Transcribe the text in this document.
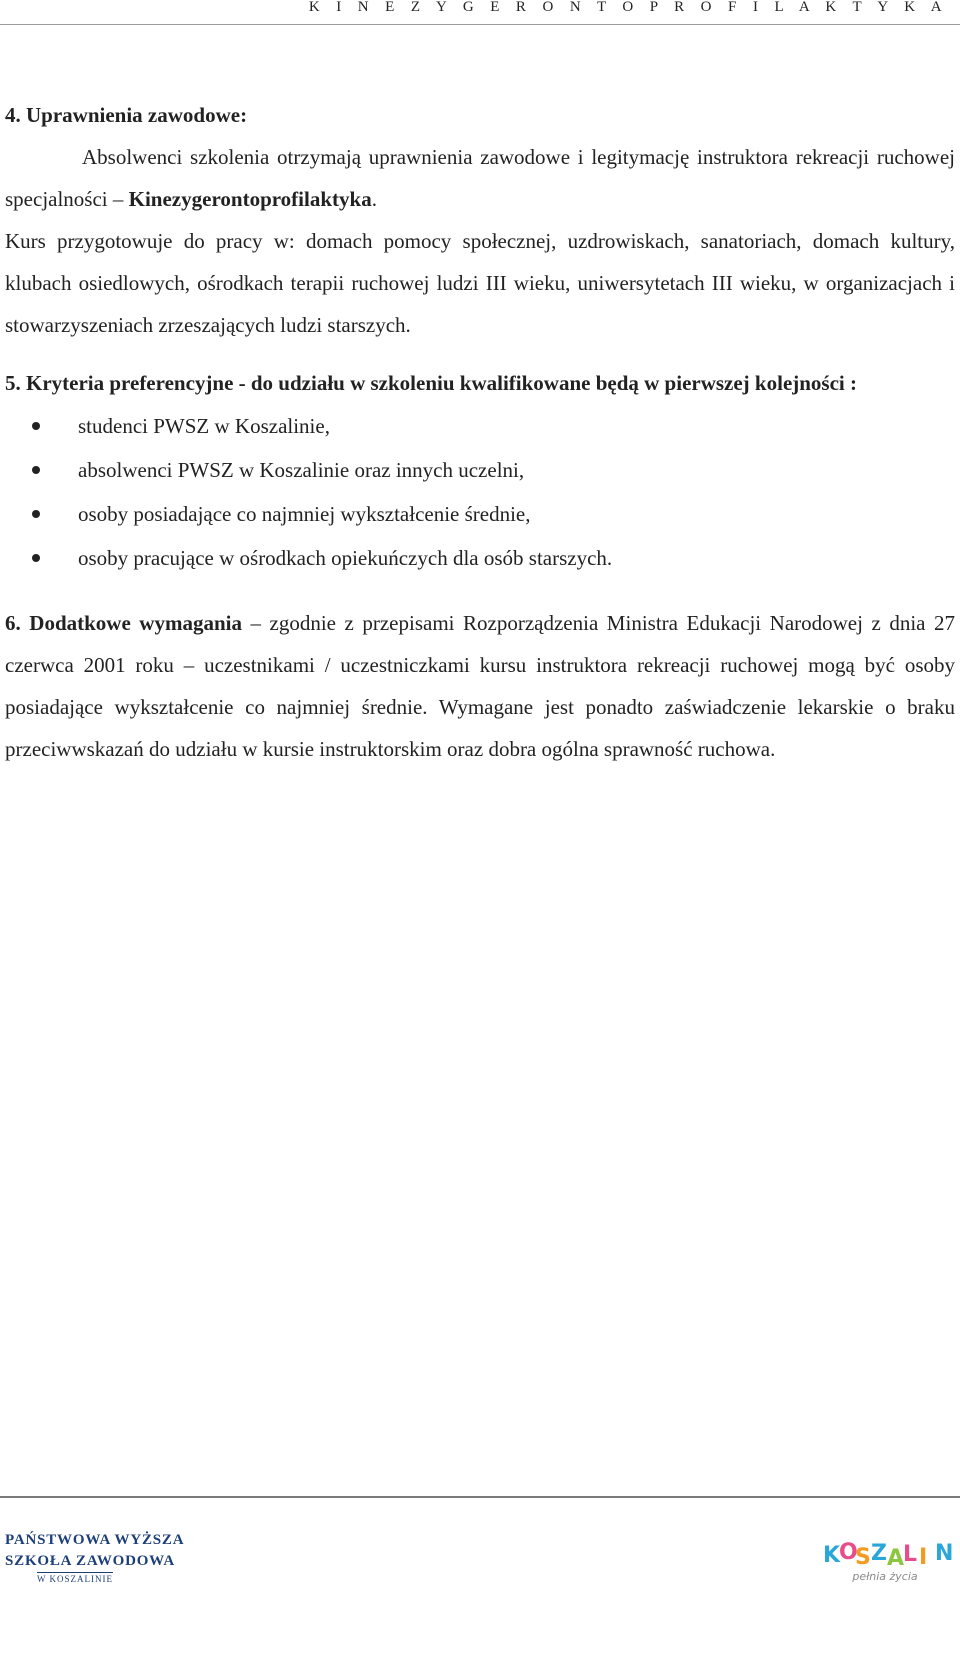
K I N E Z Y G E R O N T O P R O F I L A K T Y K A

4. Uprawnienia zawodowe:

Absolwenci szkolenia otrzymają uprawnienia zawodowe i legitymację instruktora rekreacji ruchowej specjalności – Kinezygerontoprofilaktyka.

Kurs przygotowuje do pracy w: domach pomocy społecznej, uzdrowiskach, sanatoriach, domach kultury, klubach osiedlowych, ośrodkach terapii ruchowej ludzi III wieku, uniwersytetach III wieku, w organizacjach i stowarzyszeniach zrzeszających ludzi starszych.

5. Kryteria preferencyjne - do udziału w szkoleniu kwalifikowane będą w pierwszej kolejności :

studenci PWSZ w Koszalinie,
absolwenci PWSZ w Koszalinie oraz innych uczelni,
osoby posiadające co najmniej wykształcenie średnie,
osoby pracujące w ośrodkach opiekuńczych dla osób starszych.

6. Dodatkowe wymagania – zgodnie z przepisami Rozporządzenia Ministra Edukacji Narodowej z dnia 27 czerwca 2001 roku – uczestnikami / uczestniczkami kursu instruktora rekreacji ruchowej mogą być osoby posiadające wykształcenie co najmniej średnie. Wymagane jest ponadto zaświadczenie lekarskie o braku przeciwwskazań do udziału w kursie instruktorskim oraz dobra ogólna sprawność ruchowa.

PAŃSTWOWA WYŻSZA
SZKOŁA ZAWODOWA
W KOSZALINIE
K
O
S Z A
L I N
pełnia życia
